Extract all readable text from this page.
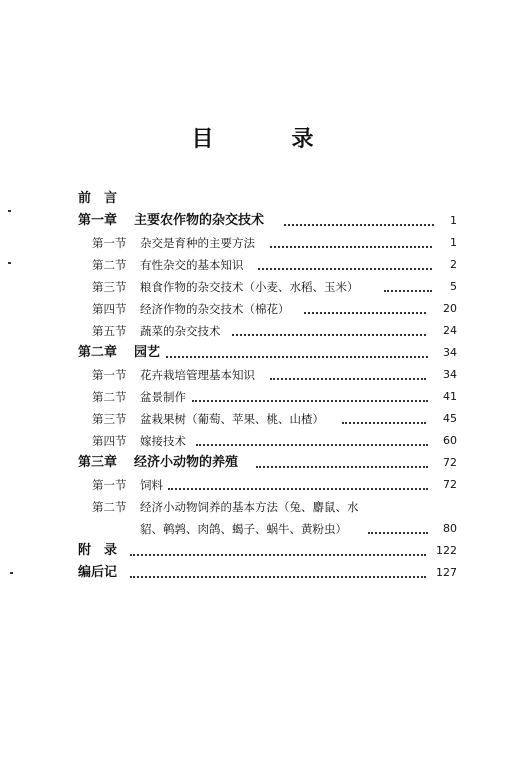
目　录
前　言
第一章 主要农作物的杂交技术	1
第一节 杂交是育种的主要方法	1
第二节 有性杂交的基本知识	2
第三节 粮食作物的杂交技术（小麦、水稻、玉米）	5
第四节 经济作物的杂交技术（棉花）	20
第五节 蔬菜的杂交技术	24
第二章 园艺	34
第一节 花卉栽培管理基本知识	34
第二节 盆景制作	41
第三节 盆栽果树（葡萄、苹果、桃、山楂）	45
第四节 嫁接技术	60
第三章 经济小动物的养殖	72
第一节 饲料	72
第二节 经济小动物饲养的基本方法（兔、麝鼠、水
貂、鹌鹑、肉鸽、蝎子、蜗牛、黄粉虫）	80
附　录	122
编后记	127
